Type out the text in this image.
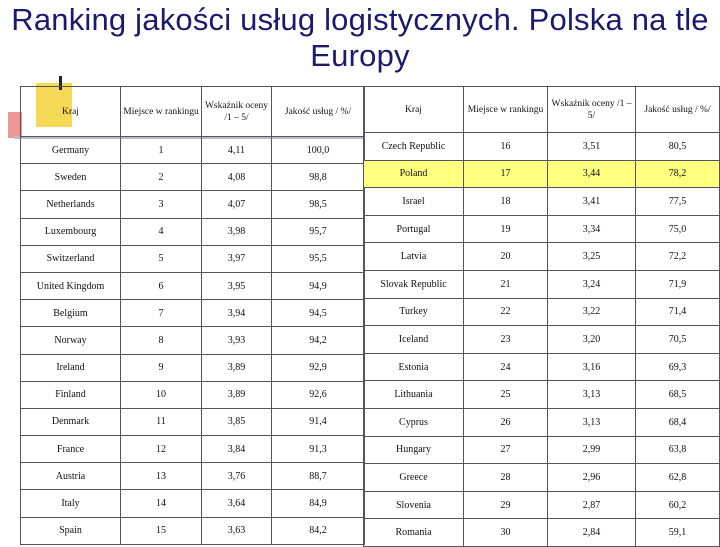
Ranking jakości usług logistycznych. Polska na tle Europy
Kraj	Miejsce w rankingu	Wskaźnik oceny /1 – 5/	Jakość usług / %/
Germany	1	4,11	100,0
Sweden	2	4,08	98,8
Netherlands	3	4,07	98,5
Luxembourg	4	3,98	95,7
Switzerland	5	3,97	95,5
United Kingdom	6	3,95	94,9
Belgium	7	3,94	94,5
Norway	8	3,93	94,2
Ireland	9	3,89	92,9
Finland	10	3,89	92,6
Denmark	11	3,85	91,4
France	12	3,84	91,3
Austria	13	3,76	88,7
Italy	14	3,64	84,9
Spain	15	3,63	84,2
Kraj	Miejsce w rankingu	Wskaźnik oceny /1 – 5/	Jakość usług / %/
Czech Republic	16	3,51	80,5
Poland	17	3,44	78,2
Israel	18	3,41	77,5
Portugal	19	3,34	75,0
Latvia	20	3,25	72,2
Slovak Republic	21	3,24	71,9
Turkey	22	3,22	71,4
Iceland	23	3,20	70,5
Estonia	24	3,16	69,3
Lithuania	25	3,13	68,5
Cyprus	26	3,13	68,4
Hungary	27	2,99	63,8
Greece	28	2,96	62,8
Slovenia	29	2,87	60,2
Romania	30	2,84	59,1
